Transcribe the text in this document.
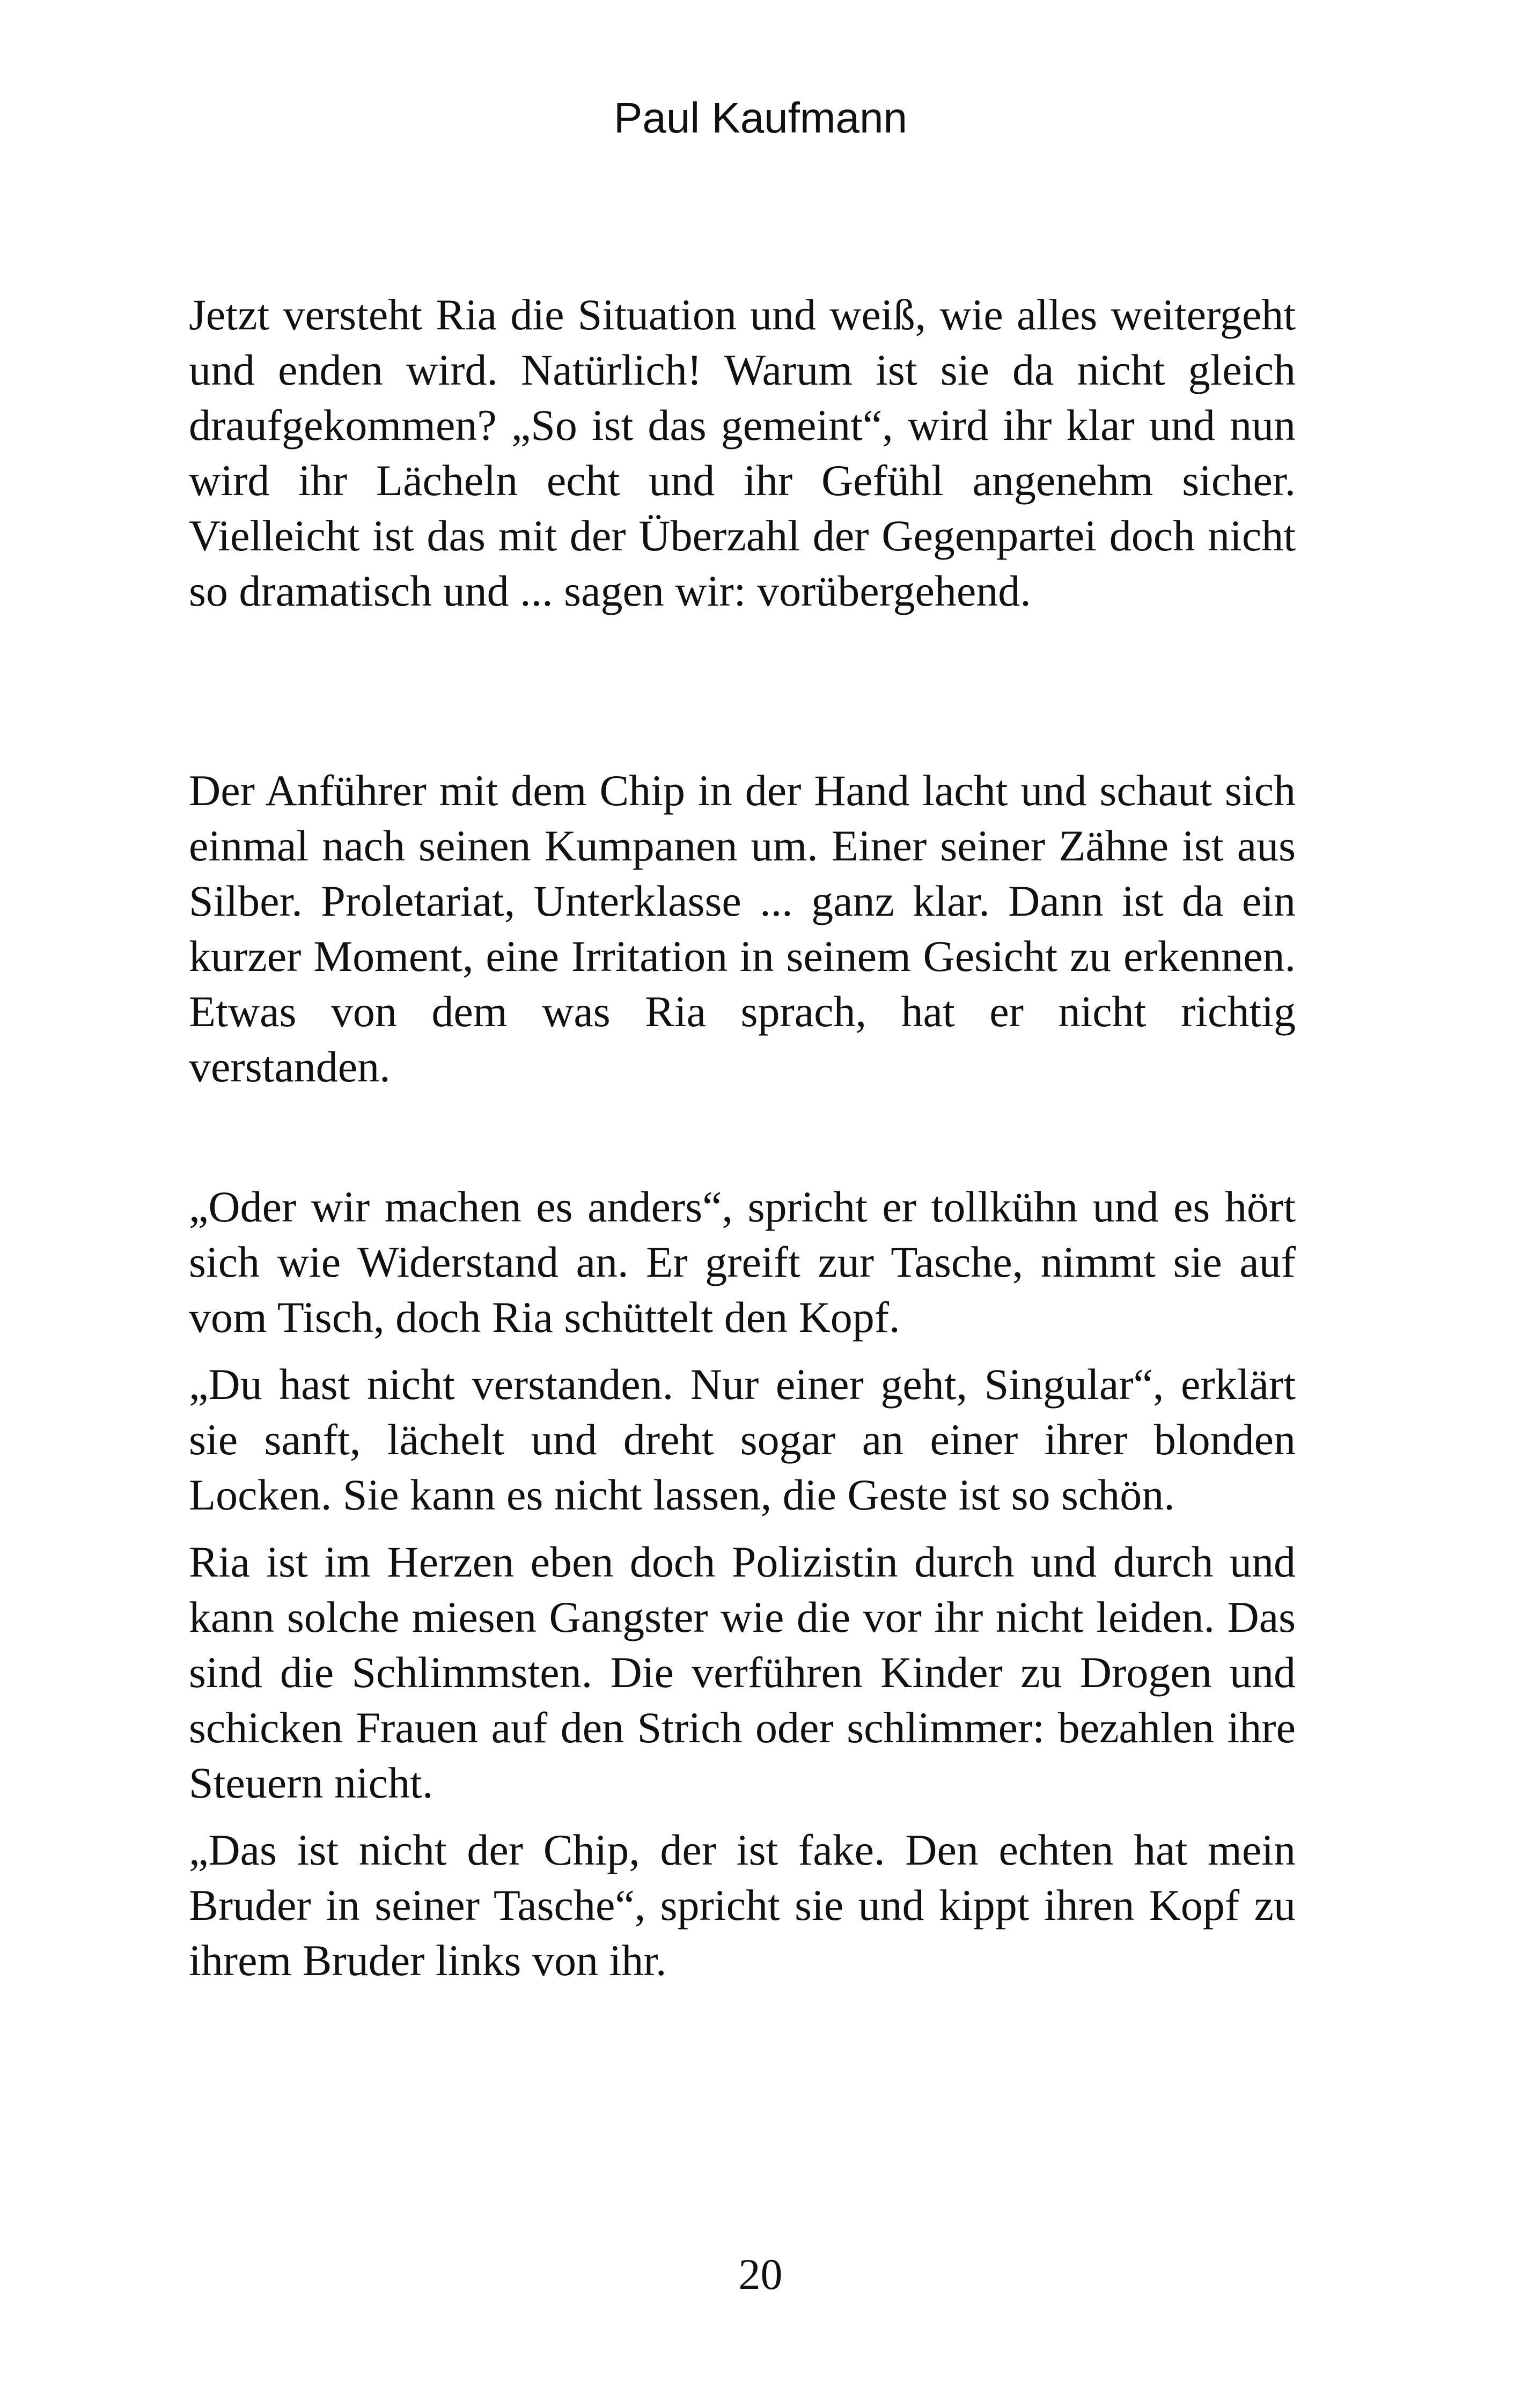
Paul Kaufmann

Jetzt versteht Ria die Situation und weiß, wie alles weitergeht und enden wird. Natürlich! Warum ist sie da nicht gleich draufgekommen? „So ist das gemeint“, wird ihr klar und nun wird ihr Lächeln echt und ihr Gefühl angenehm sicher. Vielleicht ist das mit der Überzahl der Gegenpartei doch nicht so dramatisch und ... sagen wir: vorübergehend.

Der Anführer mit dem Chip in der Hand lacht und schaut sich einmal nach seinen Kumpanen um. Einer seiner Zähne ist aus Silber. Proletariat, Unterklasse ... ganz klar. Dann ist da ein kurzer Moment, eine Irritation in seinem Gesicht zu erkennen. Etwas von dem was Ria sprach, hat er nicht richtig verstanden.

„Oder wir machen es anders“, spricht er tollkühn und es hört sich wie Widerstand an. Er greift zur Tasche, nimmt sie auf vom Tisch, doch Ria schüttelt den Kopf.

„Du hast nicht verstanden. Nur einer geht, Singular“, erklärt sie sanft, lächelt und dreht sogar an einer ihrer blonden Locken. Sie kann es nicht lassen, die Geste ist so schön.

Ria ist im Herzen eben doch Polizistin durch und durch und kann solche miesen Gangster wie die vor ihr nicht leiden. Das sind die Schlimmsten. Die verführen Kinder zu Drogen und schicken Frauen auf den Strich oder schlimmer: bezahlen ihre Steuern nicht.

„Das ist nicht der Chip, der ist fake. Den echten hat mein Bruder in seiner Tasche“, spricht sie und kippt ihren Kopf zu ihrem Bruder links von ihr.

20
